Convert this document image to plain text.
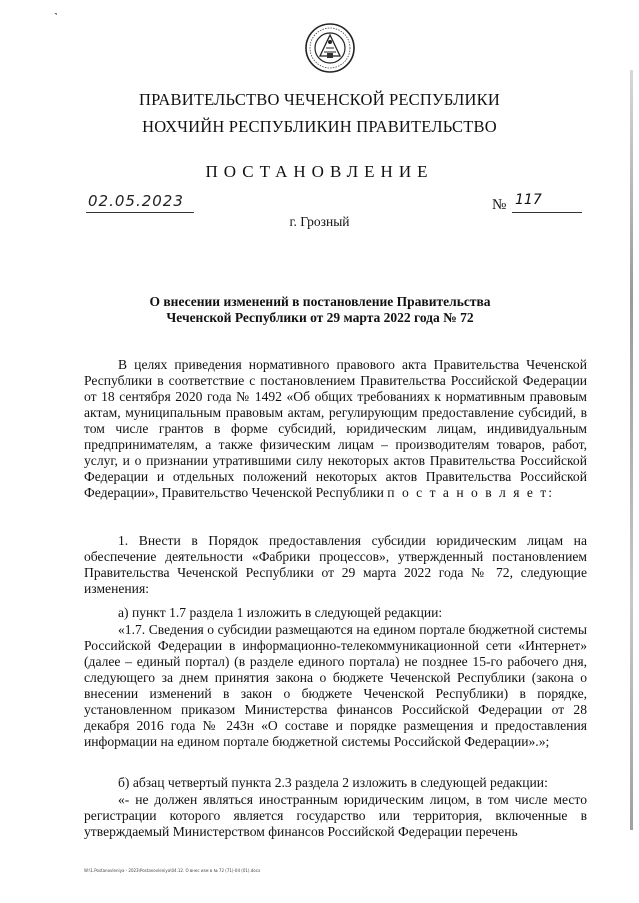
˺
ПРАВИТЕЛЬСТВО ЧЕЧЕНСКОЙ РЕСПУБЛИКИ
НОХЧИЙН РЕСПУБЛИКИН ПРАВИТЕЛЬСТВО
ПОСТАНОВЛЕНИЕ
02.05.2023	№ 117
г. Грозный
О внесении изменений в постановление Правительства
Чеченской Республики от 29 марта 2022 года № 72

В целях приведения нормативного правового акта Правительства Чеченской Республики в соответствие с постановлением Правительства Российской Федерации от 18 сентября 2020 года № 1492 «Об общих требованиях к нормативным правовым актам, муниципальным правовым актам, регулирующим предоставление субсидий, в том числе грантов в форме субсидий, юридическим лицам, индивидуальным предпринимателям, а также физическим лицам – производителям товаров, работ, услуг, и о признании утратившими силу некоторых актов Правительства Российской Федерации и отдельных положений некоторых актов Правительства Российской Федерации», Правительство Чеченской Республики п о с т а н о в л я е т:

1. Внести в Порядок предоставления субсидии юридическим лицам на обеспечение деятельности «Фабрики процессов», утвержденный постановлением Правительства Чеченской Республики от 29 марта 2022 года № 72, следующие изменения:

а) пункт 1.7 раздела 1 изложить в следующей редакции:

«1.7. Сведения о субсидии размещаются на едином портале бюджетной системы Российской Федерации в информационно-телекоммуникационной сети «Интернет» (далее – единый портал) (в разделе единого портала) не позднее 15-го рабочего дня, следующего за днем принятия закона о бюджете Чеченской Республики (закона о внесении изменений в закон о бюджете Чеченской Республики) в порядке, установленном приказом Министерства финансов Российской Федерации от 28 декабря 2016 года № 243н «О составе и порядке размещения и предоставления информации на едином портале бюджетной системы Российской Федерации».»;

б) абзац четвертый пункта 2.3 раздела 2 изложить в следующей редакции:

«- не должен являться иностранным юридическим лицом, в том числе место регистрации которого является государство или территория, включенные в утверждаемый Министерством финансов Российской Федерации перечень

W:\1.Postanovleniya - 2023\Postanovleniya\04.12. О внес изм в № 72 (71)-04 (01).docx
